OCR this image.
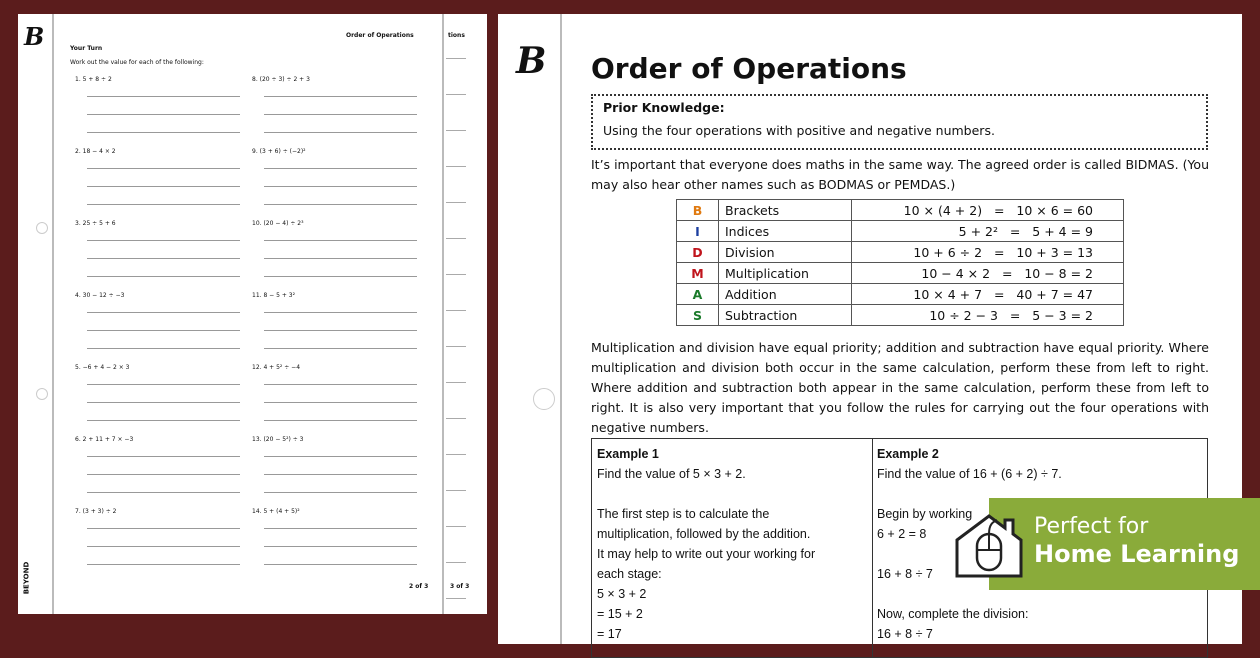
B	Order of Operations	tions
Your Turn
Work out the value for each of the following:
1. 5 + 8 ÷ 2
2. 18 − 4 × 2
3. 25 ÷ 5 + 6
4. 30 − 12 ÷ −3
5. −6 + 4 − 2 × 3
6. 2 + 11 + 7 × −3
7. (3 + 3) ÷ 2
8. (20 ÷ 3) ÷ 2 + 3
9. (3 + 6) ÷ (−2)²
10. (20 − 4) ÷ 2³
11. 8 − 5 + 3²
12. 4 + 5² ÷ −4
13. (20 − 5²) ÷ 3
14. 5 + (4 + 5)²
2 of 3	3 of 3
BEYOND
B Order of Operations
Prior Knowledge:
Using the four operations with positive and negative numbers.
It’s important that everyone does maths in the same way. The agreed order is called BIDMAS. (You may also hear other names such as BODMAS or PEMDAS.)
B	Brackets	10 × (4 + 2)   =   10 × 6 = 60
I	Indices	5 + 2²   =   5 + 4 = 9
D	Division	10 + 6 ÷ 2   =   10 + 3 = 13
M	Multiplication	10 − 4 × 2   =   10 − 8 = 2
A	Addition	10 × 4 + 7   =   40 + 7 = 47
S	Subtraction	10 ÷ 2 − 3   =   5 − 3 = 2
Multiplication and division have equal priority; addition and subtraction have equal priority. Where multiplication and division both occur in the same calculation, perform these from left to right. Where addition and subtraction both appear in the same calculation, perform these from left to right. It is also very important that you follow the rules for carrying out the four operations with negative numbers.
Example 1
Find the value of 5 × 3 + 2.
The first step is to calculate the
multiplication, followed by the addition.
It may help to write out your working for
each stage:
5 × 3 + 2
= 15 + 2
= 17
Example 2
Find the value of 16 + (6 + 2) ÷ 7.
Begin by working
6 + 2 = 8
16 + 8 ÷ 7
Now, complete the division:
16 + 8 ÷ 7
Perfect for
Home Learning
